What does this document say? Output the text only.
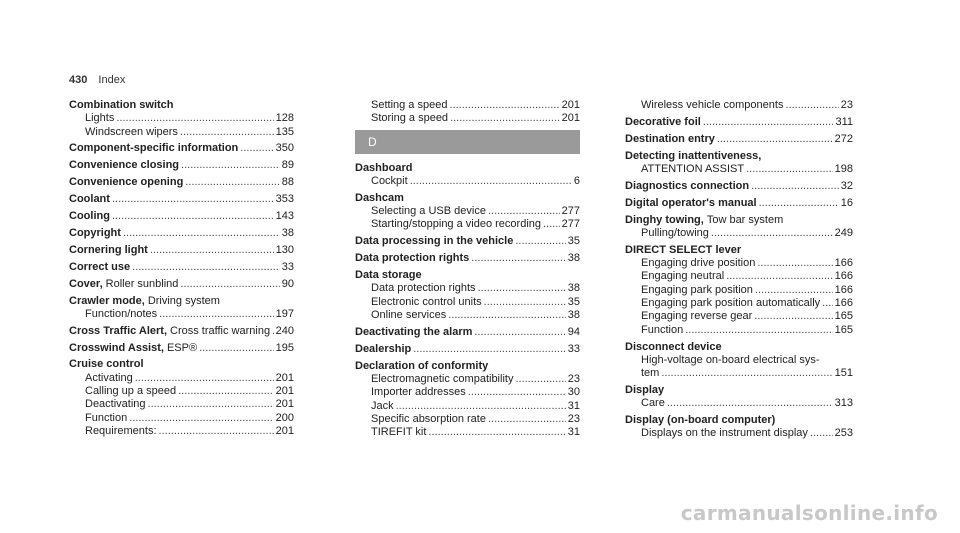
430 Index
Combination switch
Lights .....	128
Windscreen wipers .....	135
Component-specific information .....	350
Convenience closing .....	89
Convenience opening .....	88
Coolant .....	353
Cooling .....	143
Copyright .....	38
Cornering light .....	130
Correct use .....	33
Cover, Roller sunblind .....	90
Crawler mode, Driving system
Function/notes .....	197
Cross Traffic Alert, Cross traffic warning ..... 240
Crosswind Assist, ESP® .....	195
Cruise control
Activating .....	201
Calling up a speed .....	201
Deactivating .....	201
Function .....	200
Requirements: .....	201
Setting a speed .....	201
Storing a speed .....	201
D
Dashboard
Cockpit .....	6
Dashcam
Selecting a USB device .....	277
Starting/stopping a video recording ..... 277
Data processing in the vehicle .....	35
Data protection rights .....	38
Data storage
Data protection rights .....	38
Electronic control units .....	35
Online services .....	38
Deactivating the alarm .....	94
Dealership .....	33
Declaration of conformity
Electromagnetic compatibility .....	23
Importer addresses .....	30
Jack .....	31
Specific absorption rate .....	23
TIREFIT kit .....	31
Wireless vehicle components .....	23
Decorative foil .....	311
Destination entry .....	272
Detecting inattentiveness,
ATTENTION ASSIST .....	198
Diagnostics connection .....	32
Digital operator's manual .....	16
Dinghy towing, Tow bar system
Pulling/towing .....	249
DIRECT SELECT lever
Engaging drive position .....	166
Engaging neutral .....	166
Engaging park position .....	166
Engaging park position automatically ..... 166
Engaging reverse gear .....	165
Function .....	165
Disconnect device
High-voltage on-board electrical sys-
tem .....	151
Display
Care .....	313
Display (on-board computer)
Displays on the instrument display ..... 253
carmanualsonline.info
